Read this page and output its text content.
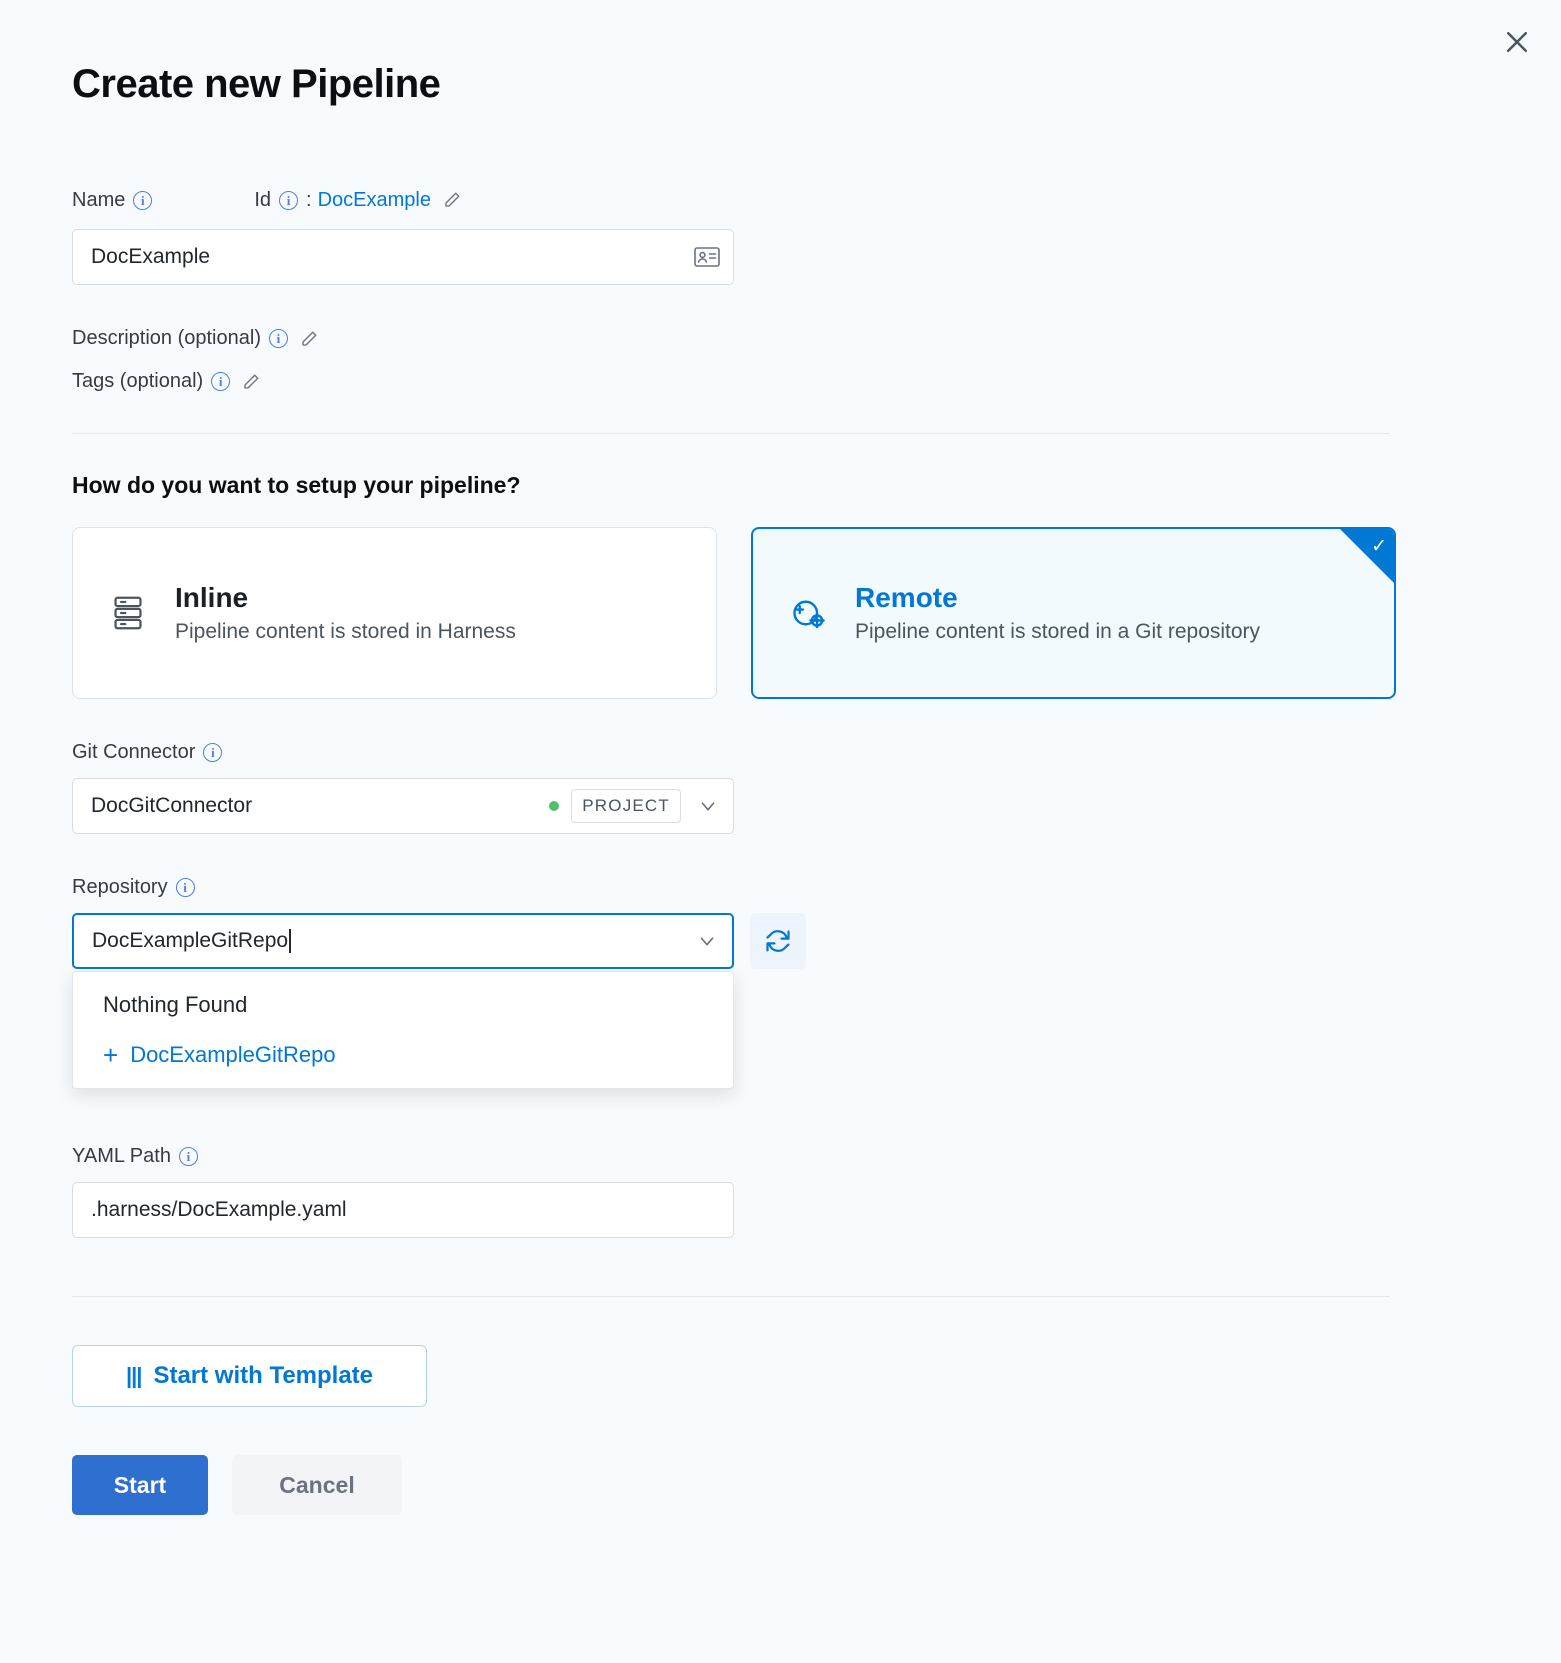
Create new Pipeline
Name	i	Id	i : DocExample
DocExample
Description (optional)	i
Tags (optional)	i
How do you want to setup your pipeline?
Inline
Pipeline content is stored in Harness
Remote
Pipeline content is stored in a Git repository
✓
Git Connector	i
DocGitConnector	PROJECT
Repository	i
DocExampleGitRepo
Nothing Found
+ DocExampleGitRepo
YAML Path	i
.harness/DocExample.yaml
||| Start with Template
Start	Cancel
